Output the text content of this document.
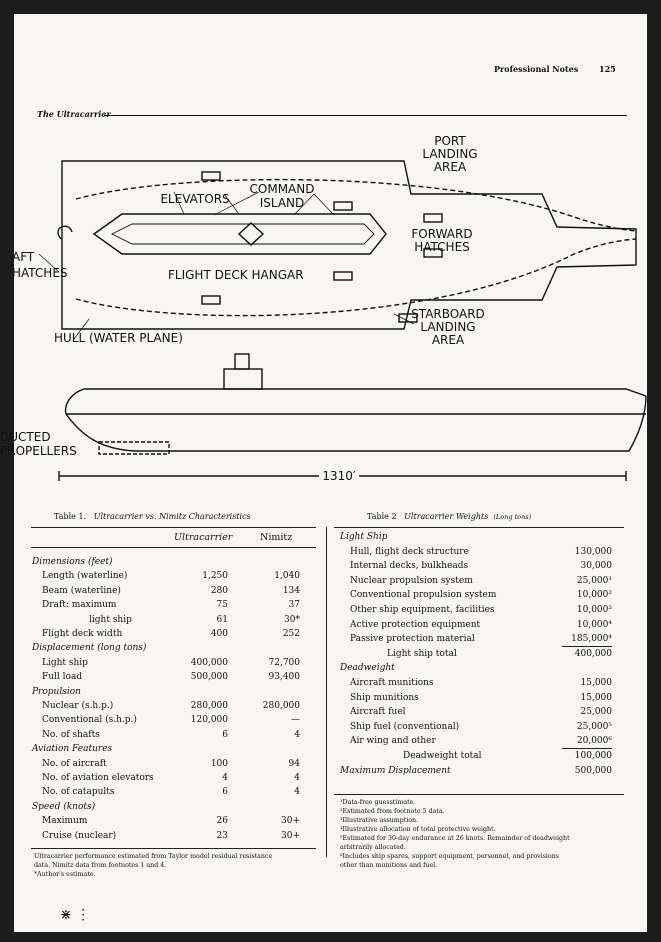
Professional Notes	125
The Ultracarrier
PORT
LANDING
AREA
COMMAND
ISLAND
ELEVATORS
FORWARD
HATCHES
AFT
HATCHES	FLIGHT DECK HANGAR
STARBOARD
LANDING
AREA
HULL (WATER PLANE)
DUCTED
PROPELLERS
1310′
Table 1. Ultracarrier vs. Nimitz Characteristics
Ultracarrier	Nimitz
Dimensions (feet)
Length (waterline)	1,250	1,040
Beam (waterline)	280	134
Draft: maximum	75	37
light ship	61	30*
Flight deck width	400	252
Displacement (long tons)
Light ship	400,000	72,700
Full load	500,000	93,400
Propulsion
Nuclear (s.h.p.)	280,000	280,000
Conventional (s.h.p.)	120,000	—
No. of shafts	6	4
Aviation Features
No. of aircraft	100	94
No. of aviation elevators	4	4
No. of catapults	6	4
Speed (knots)
Maximum	26	30+
Cruise (nuclear)	23	30+
Ultracarrier performance estimated from Taylor model residual resistance
data. Nimitz data from footnotes 1 and 4.
*Author's estimate.
Table 2 Ultracarrier Weights (Long tons)
Light Ship
Hull, flight deck structure	130,000
Internal decks, bulkheads	30,000
Nuclear propulsion system	25,000¹
Conventional propulsion system	10,000²
Other ship equipment, facilities	10,000³
Active protection equipment	10,000⁴
Passive protection material	185,000⁴
Light ship total	400,000
Deadweight
Aircraft munitions	15,000
Ship munitions	15,000
Aircraft fuel	25,000
Ship fuel (conventional)	25,000⁵
Air wing and other	20,000⁶
Deadweight total	100,000
Maximum Displacement	500,000
¹Data-free guesstimate.
²Estimated from footnote 5 data.
³Illustrative assumption.
⁴Illustrative allocation of total protective weight.
⁵Estimated for 30-day endurance at 26 knots. Remainder of deadweight
arbitrarily allocated.
⁶Includes ship spares, support equipment, personnel, and provisions
other than munitions and fuel.
⋇ ⋮
